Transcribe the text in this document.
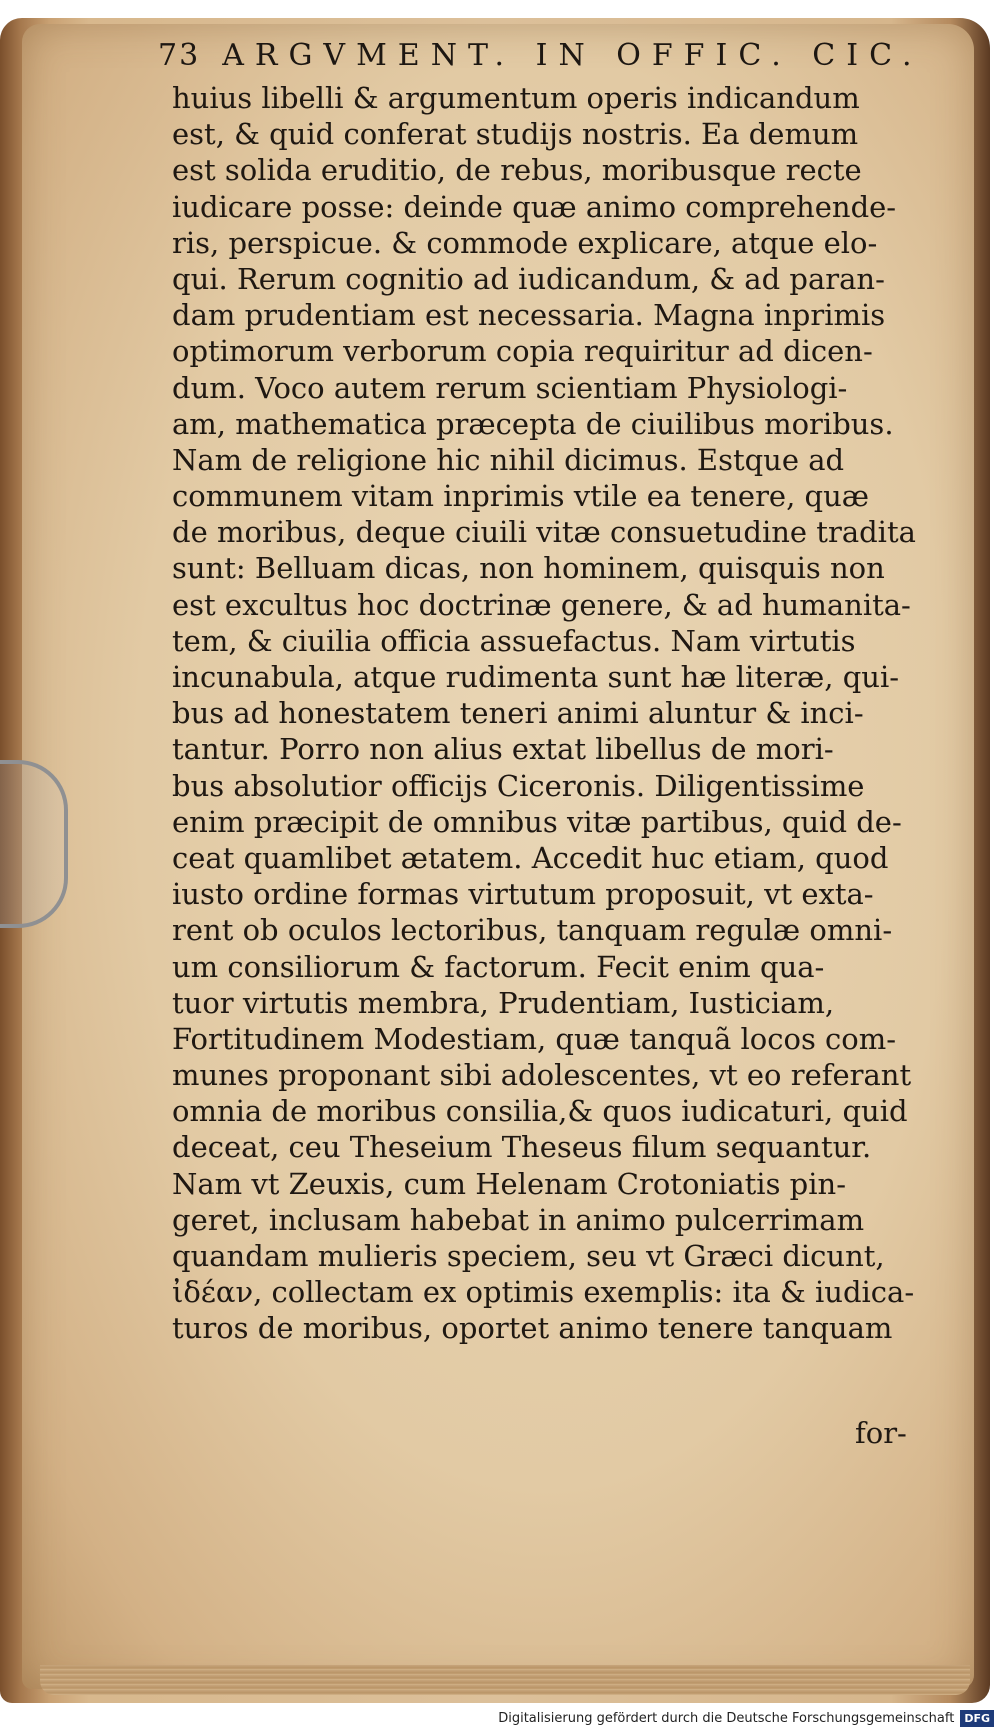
73 ARGVMENT. IN OFFIC. CIC.
huius libelli & argumentum operis indicandum
est, & quid conferat studijs nostris. Ea demum
est solida eruditio, de rebus, moribusque recte
iudicare posse: deinde quæ animo comprehende-
ris, perspicue. & commode explicare, atque elo-
qui. Rerum cognitio ad iudicandum, & ad paran-
dam prudentiam est necessaria. Magna inprimis
optimorum verborum copia requiritur ad dicen-
dum. Voco autem rerum scientiam Physiologi-
am, mathematica præcepta de ciuilibus moribus.
Nam de religione hic nihil dicimus. Estque ad
communem vitam inprimis vtile ea tenere, quæ
de moribus, deque ciuili vitæ consuetudine tradita
sunt: Belluam dicas, non hominem, quisquis non
est excultus hoc doctrinæ genere, & ad humanita-
tem, & ciuilia officia assuefactus. Nam virtutis
incunabula, atque rudimenta sunt hæ literæ, qui-
bus ad honestatem teneri animi aluntur & inci-
tantur. Porro non alius extat libellus de mori-
bus absolutior officijs Ciceronis. Diligentissime
enim præcipit de omnibus vitæ partibus, quid de-
ceat quamlibet ætatem. Accedit huc etiam, quod
iusto ordine formas virtutum proposuit, vt exta-
rent ob oculos lectoribus, tanquam regulæ omni-
um consiliorum & factorum. Fecit enim qua-
tuor virtutis membra, Prudentiam, Iusticiam,
Fortitudinem Modestiam, quæ tanquã locos com-
munes proponant sibi adolescentes, vt eo referant
omnia de moribus consilia,& quos iudicaturi, quid
deceat, ceu Theseium Theseus filum sequantur.
Nam vt Zeuxis, cum Helenam Crotoniatis pin-
geret, inclusam habebat in animo pulcerrimam
quandam mulieris speciem, seu vt Græci dicunt,
ἰδέαν, collectam ex optimis exemplis: ita & iudica-
turos de moribus, oportet animo tenere tanquam
for-
Digitalisierung gefördert durch die Deutsche Forschungsgemeinschaft DFG
